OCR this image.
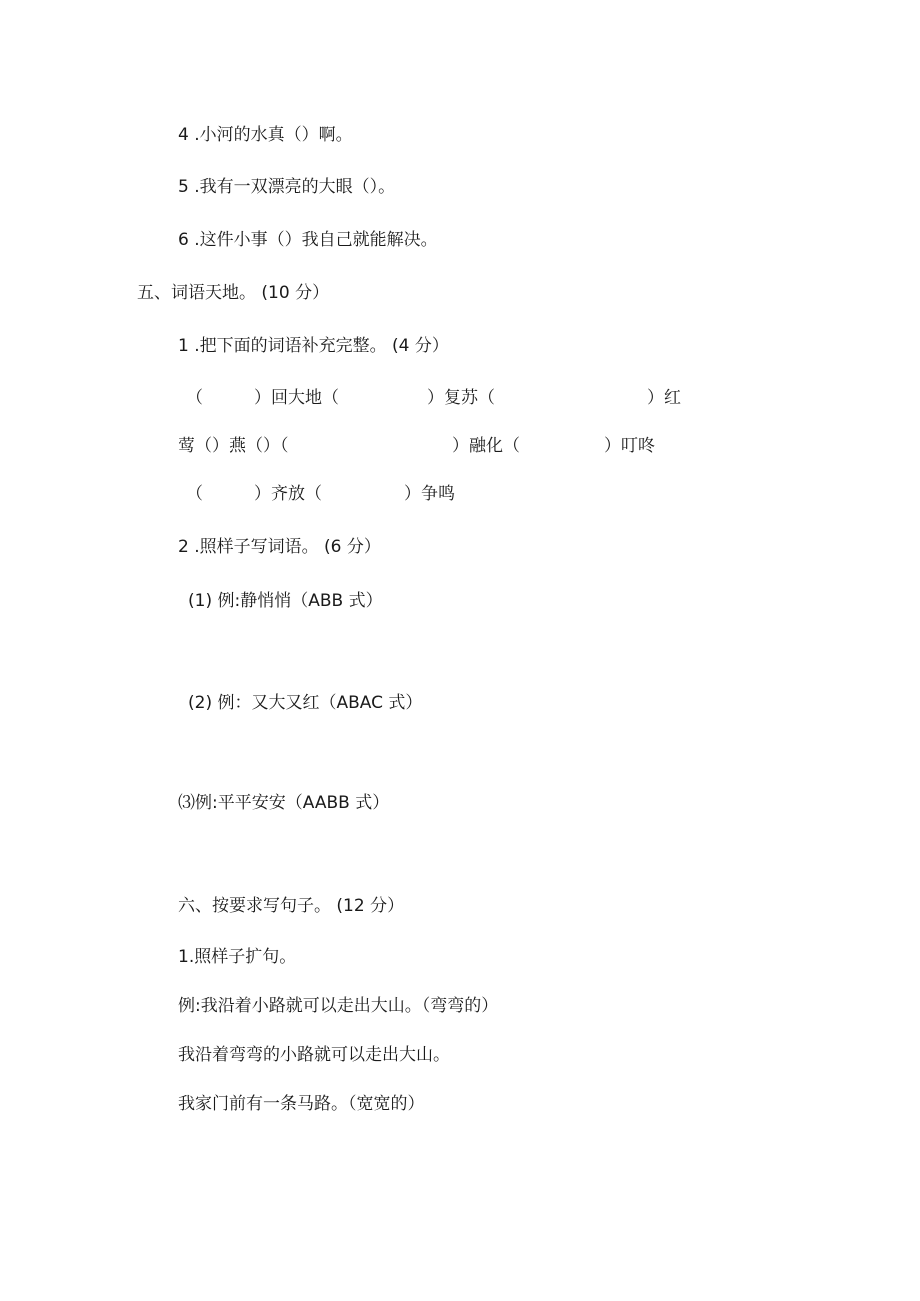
4 .小河的水真（）啊。
5 .我有一双漂亮的大眼（）。
6 .这件小事（）我自己就能解决。
五、词语天地。 (10 分）
1 .把下面的词语补充完整。 (4 分）
（	）回大地（	）复苏（	）红
莺（）燕（）（	）融化（	）叮咚
（	）齐放（	）争鸣
2 .照样子写词语。 (6 分）
(1) 例:静悄悄（ABB 式）
(2) 例：又大又红（ABAC 式）
⑶例:平平安安（AABB 式）
六、按要求写句子。 (12 分）
1.照样子扩句。
例:我沿着小路就可以走出大山。（弯弯的）
我沿着弯弯的小路就可以走出大山。
我家门前有一条马路。（宽宽的）
